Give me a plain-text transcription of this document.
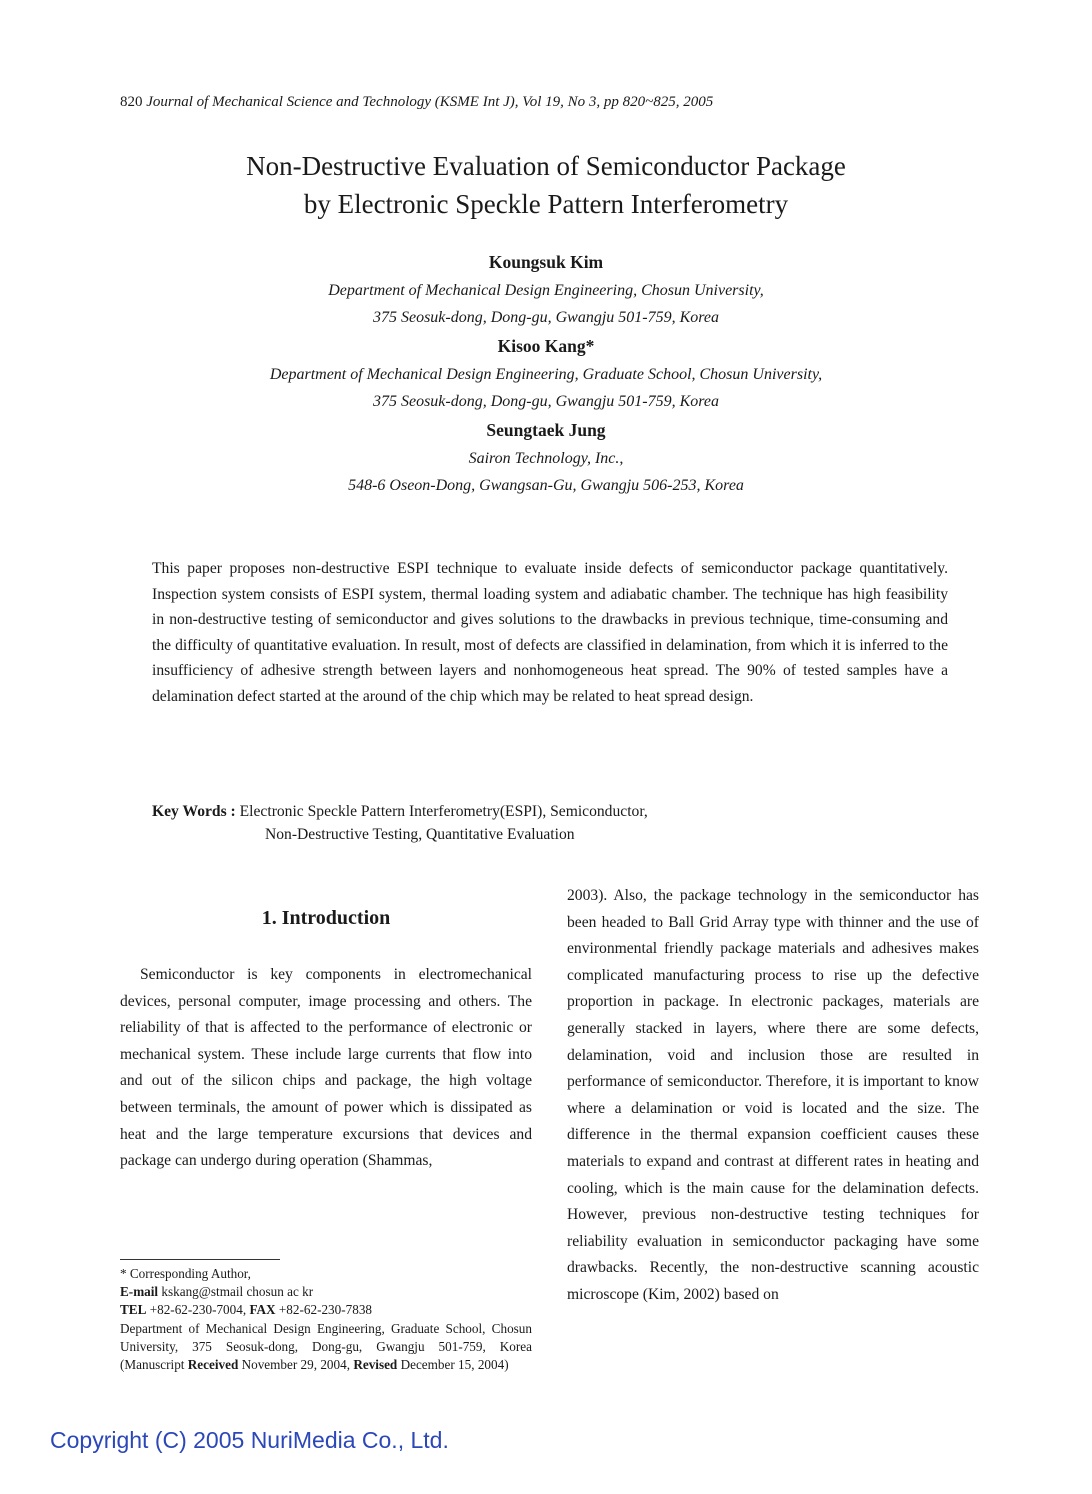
820 Journal of Mechanical Science and Technology (KSME Int J), Vol 19, No 3, pp 820~825, 2005
Non-Destructive Evaluation of Semiconductor Package
by Electronic Speckle Pattern Interferometry
Koungsuk Kim
Department of Mechanical Design Engineering, Chosun University,
375 Seosuk-dong, Dong-gu, Gwangju 501-759, Korea
Kisoo Kang*
Department of Mechanical Design Engineering, Graduate School, Chosun University,
375 Seosuk-dong, Dong-gu, Gwangju 501-759, Korea
Seungtaek Jung
Sairon Technology, Inc.,
548-6 Oseon-Dong, Gwangsan-Gu, Gwangju 506-253, Korea
This paper proposes non-destructive ESPI technique to evaluate inside defects of semiconductor package quantitatively. Inspection system consists of ESPI system, thermal loading system and adiabatic chamber. The technique has high feasibility in non-destructive testing of semiconductor and gives solutions to the drawbacks in previous technique, time-consuming and the difficulty of quantitative evaluation. In result, most of defects are classified in delamination, from which it is inferred to the insufficiency of adhesive strength between layers and nonhomogeneous heat spread. The 90% of tested samples have a delamination defect started at the around of the chip which may be related to heat spread design.
Key Words : Electronic Speckle Pattern Interferometry(ESPI), Semiconductor,
Non-Destructive Testing, Quantitative Evaluation
1. Introduction
Semiconductor is key components in electromechanical devices, personal computer, image processing and others. The reliability of that is affected to the performance of electronic or mechanical system. These include large currents that flow into and out of the silicon chips and package, the high voltage between terminals, the amount of power which is dissipated as heat and the large temperature excursions that devices and package can undergo during operation (Shammas,
2003). Also, the package technology in the semiconductor has been headed to Ball Grid Array type with thinner and the use of environmental friendly package materials and adhesives makes complicated manufacturing process to rise up the defective proportion in package. In electronic packages, materials are generally stacked in layers, where there are some defects, delamination, void and inclusion those are resulted in performance of semiconductor. Therefore, it is important to know where a delamination or void is located and the size. The difference in the thermal expansion coefficient causes these materials to expand and contrast at different rates in heating and cooling, which is the main cause for the delamination defects. However, previous non-destructive testing techniques for reliability evaluation in semiconductor packaging have some drawbacks. Recently, the non-destructive scanning acoustic microscope (Kim, 2002) based on
* Corresponding Author,
E-mail kskang@stmail chosun ac kr
TEL +82-62-230-7004, FAX +82-62-230-7838
Department of Mechanical Design Engineering, Graduate School, Chosun University, 375 Seosuk-dong, Dong-gu, Gwangju 501-759, Korea (Manuscript Received November 29, 2004, Revised December 15, 2004)
Copyright (C) 2005 NuriMedia Co., Ltd.
